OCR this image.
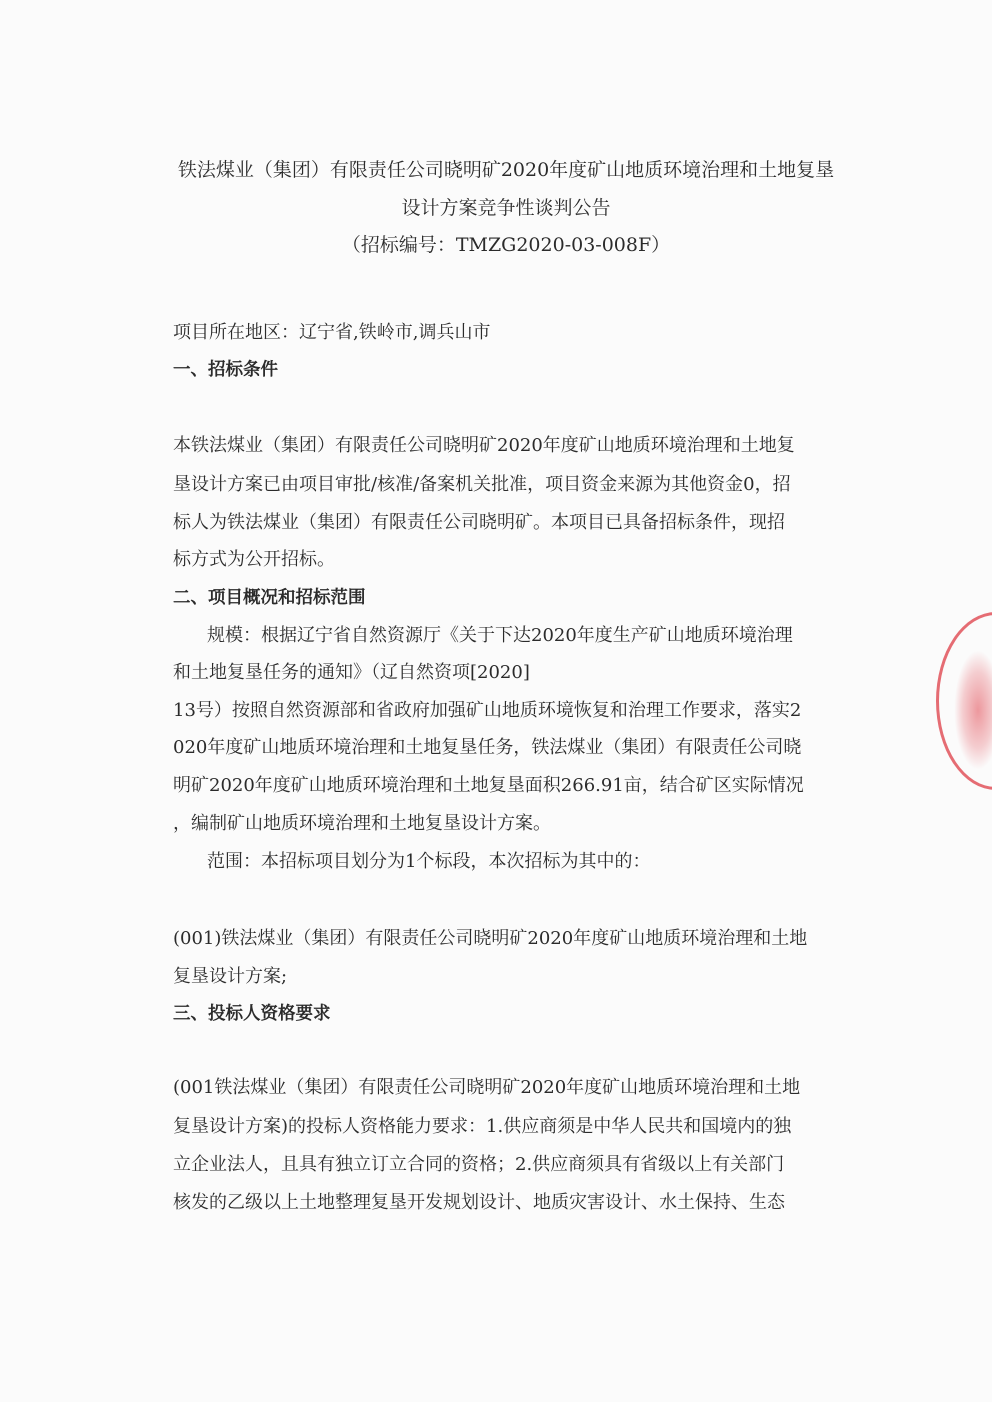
铁法煤业（集团）有限责任公司晓明矿2020年度矿山地质环境治理和土地复垦
设计方案竞争性谈判公告
（招标编号：TMZG2020-03-008F）
项目所在地区：辽宁省,铁岭市,调兵山市
一、招标条件
本铁法煤业（集团）有限责任公司晓明矿2020年度矿山地质环境治理和土地复
垦设计方案已由项目审批/核准/备案机关批准，项目资金来源为其他资金0，招
标人为铁法煤业（集团）有限责任公司晓明矿。本项目已具备招标条件，现招
标方式为公开招标。
二、项目概况和招标范围
规模：根据辽宁省自然资源厅《关于下达2020年度生产矿山地质环境治理
和土地复垦任务的通知》（辽自然资项[2020]
13号）按照自然资源部和省政府加强矿山地质环境恢复和治理工作要求，落实2
020年度矿山地质环境治理和土地复垦任务，铁法煤业（集团）有限责任公司晓
明矿2020年度矿山地质环境治理和土地复垦面积266.91亩，结合矿区实际情况
，编制矿山地质环境治理和土地复垦设计方案。
范围：本招标项目划分为1个标段，本次招标为其中的：
(001)铁法煤业（集团）有限责任公司晓明矿2020年度矿山地质环境治理和土地
复垦设计方案;
三、投标人资格要求
(001铁法煤业（集团）有限责任公司晓明矿2020年度矿山地质环境治理和土地
复垦设计方案)的投标人资格能力要求：1.供应商须是中华人民共和国境内的独
立企业法人，且具有独立订立合同的资格；2.供应商须具有省级以上有关部门
核发的乙级以上土地整理复垦开发规划设计、地质灾害设计、水土保持、生态
